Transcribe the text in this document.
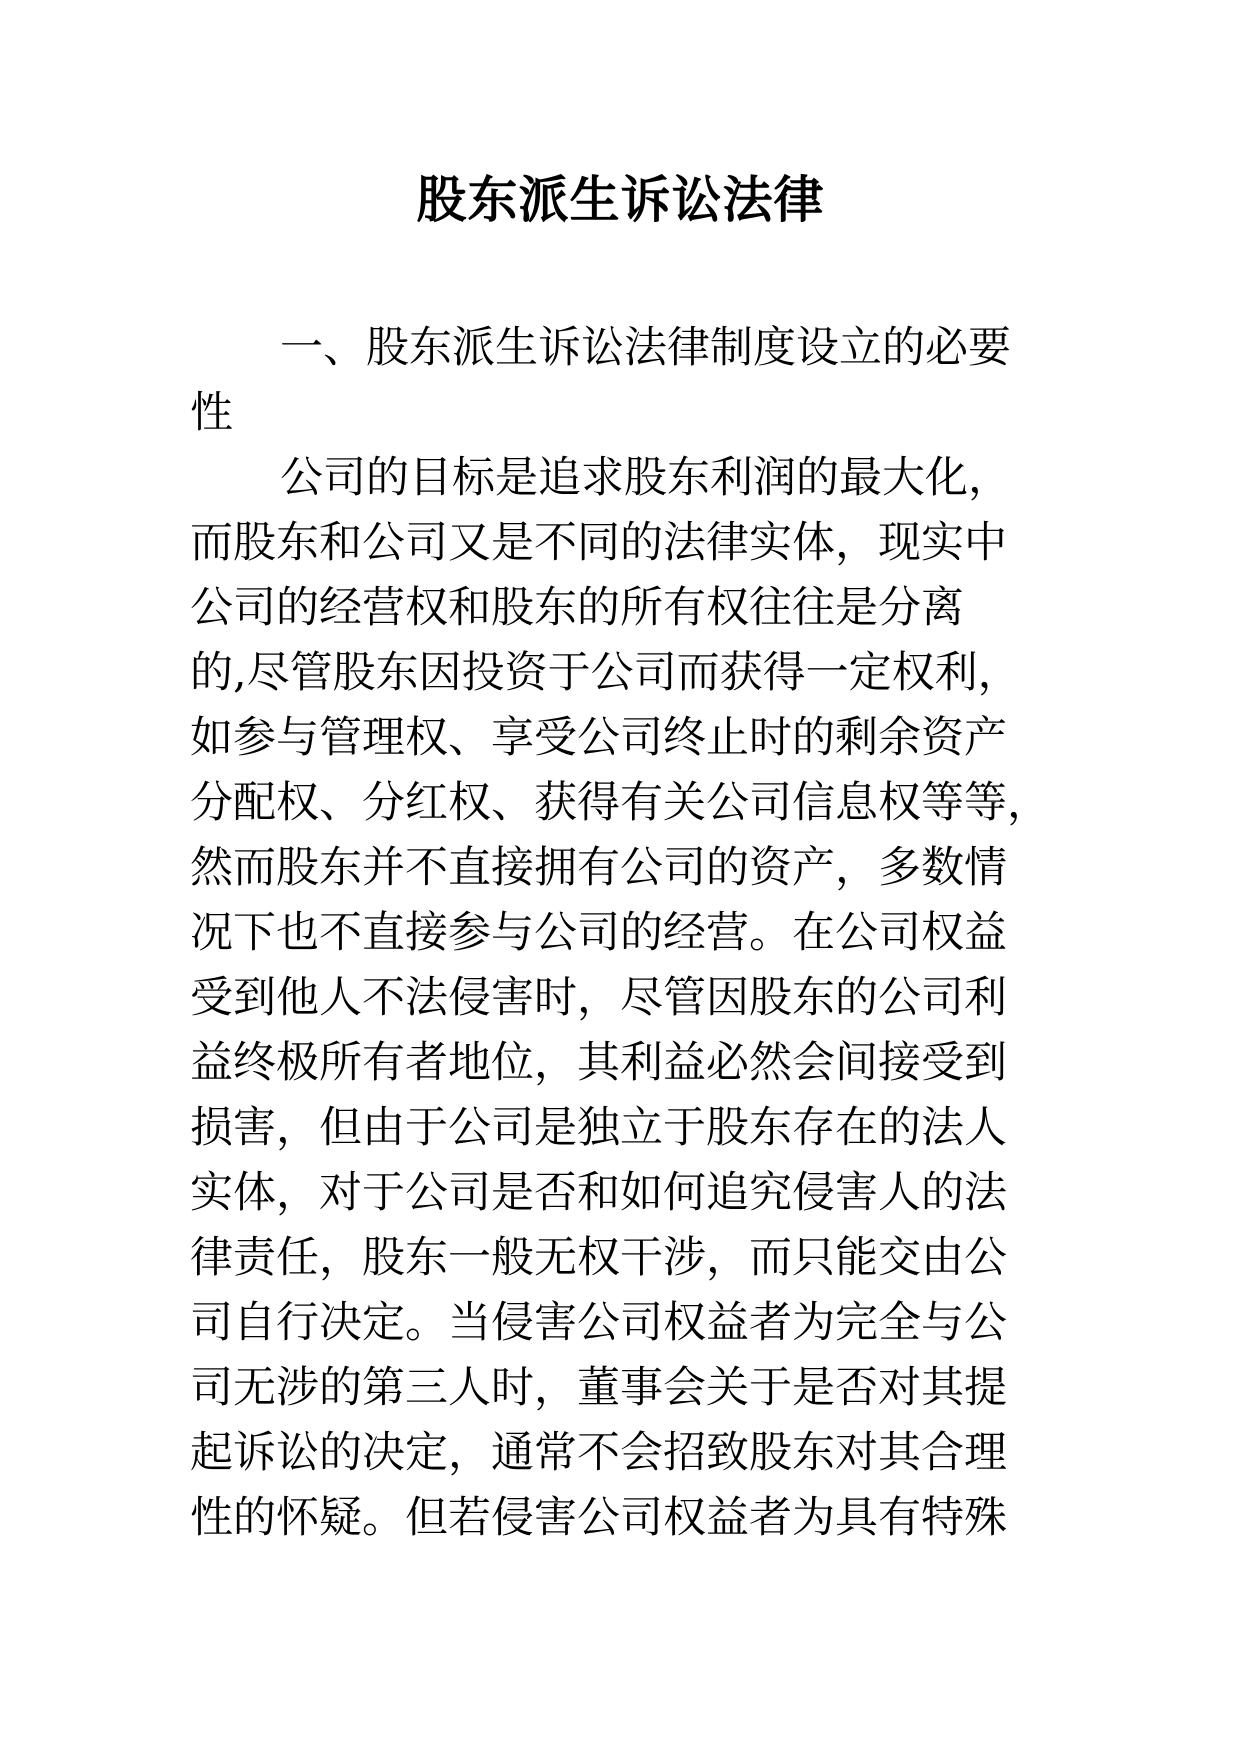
股东派生诉讼法律
一、股东派生诉讼法律制度设立的必要
性
公司的目标是追求股东利润的最大化，
而股东和公司又是不同的法律实体，现实中
公司的经营权和股东的所有权往往是分离
的,尽管股东因投资于公司而获得一定权利，
如参与管理权、享受公司终止时的剩余资产
分配权、分红权、获得有关公司信息权等等，
然而股东并不直接拥有公司的资产，多数情
况下也不直接参与公司的经营。在公司权益
受到他人不法侵害时，尽管因股东的公司利
益终极所有者地位，其利益必然会间接受到
损害，但由于公司是独立于股东存在的法人
实体，对于公司是否和如何追究侵害人的法
律责任，股东一般无权干涉，而只能交由公
司自行决定。当侵害公司权益者为完全与公
司无涉的第三人时，董事会关于是否对其提
起诉讼的决定，通常不会招致股东对其合理
性的怀疑。但若侵害公司权益者为具有特殊
